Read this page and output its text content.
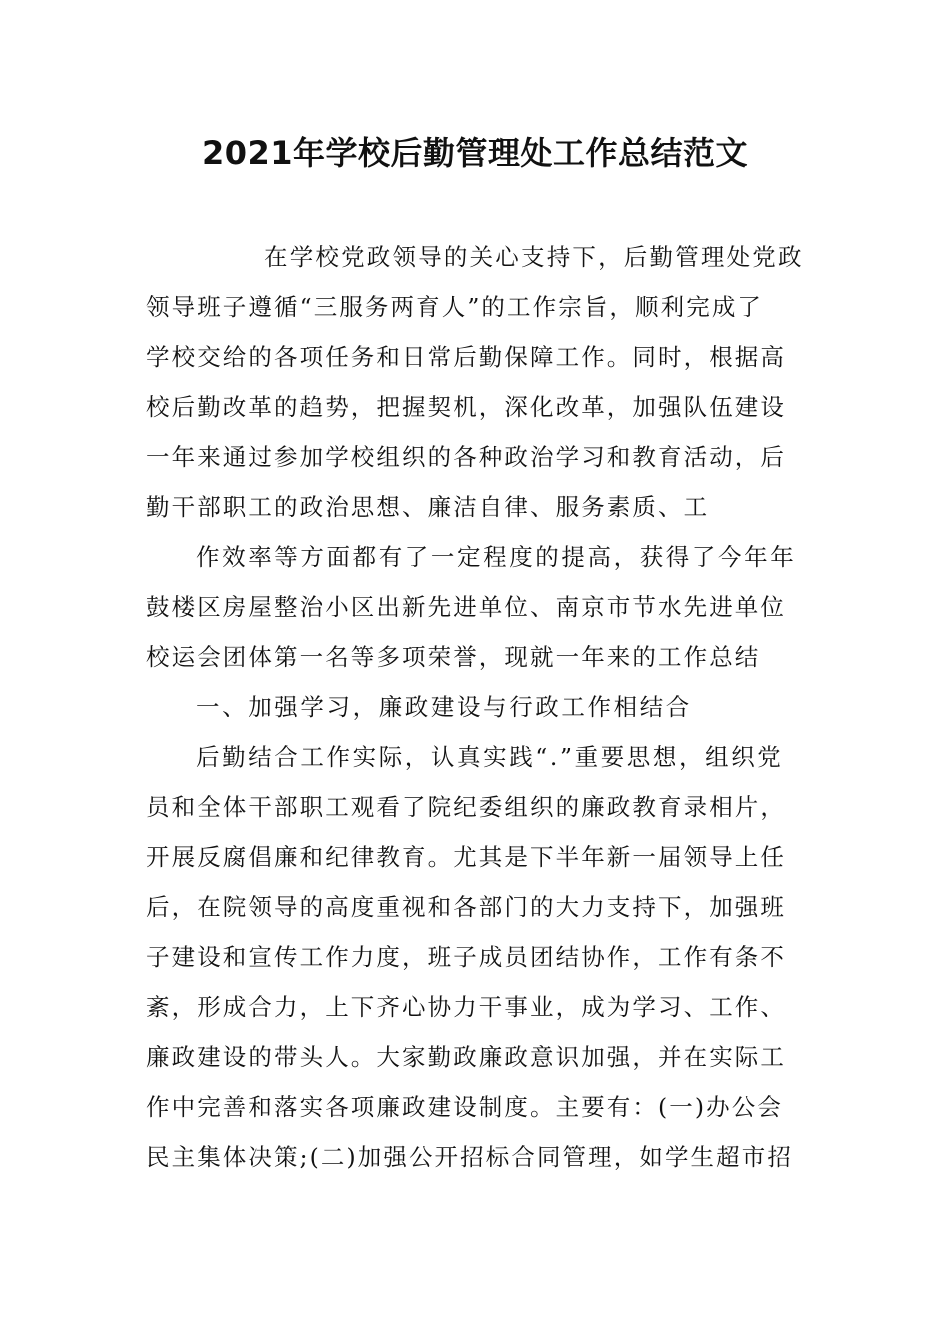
2021年学校后勤管理处工作总结范文
在学校党政领导的关心支持下，后勤管理处党政
领导班子遵循“三服务两育人”的工作宗旨，顺利完成了
学校交给的各项任务和日常后勤保障工作。同时，根据高
校后勤改革的趋势，把握契机，深化改革，加强队伍建设
一年来通过参加学校组织的各种政治学习和教育活动，后
勤干部职工的政治思想、廉洁自律、服务素质、工
作效率等方面都有了一定程度的提高，获得了今年年
鼓楼区房屋整治小区出新先进单位、南京市节水先进单位
校运会团体第一名等多项荣誉，现就一年来的工作总结
一、加强学习，廉政建设与行政工作相结合
后勤结合工作实际，认真实践“.”重要思想，组织党
员和全体干部职工观看了院纪委组织的廉政教育录相片，
开展反腐倡廉和纪律教育。尤其是下半年新一届领导上任
后，在院领导的高度重视和各部门的大力支持下，加强班
子建设和宣传工作力度，班子成员团结协作，工作有条不
紊，形成合力，上下齐心协力干事业，成为学习、工作、
廉政建设的带头人。大家勤政廉政意识加强，并在实际工
作中完善和落实各项廉政建设制度。主要有：(一)办公会
民主集体决策;(二)加强公开招标合同管理，如学生超市招
